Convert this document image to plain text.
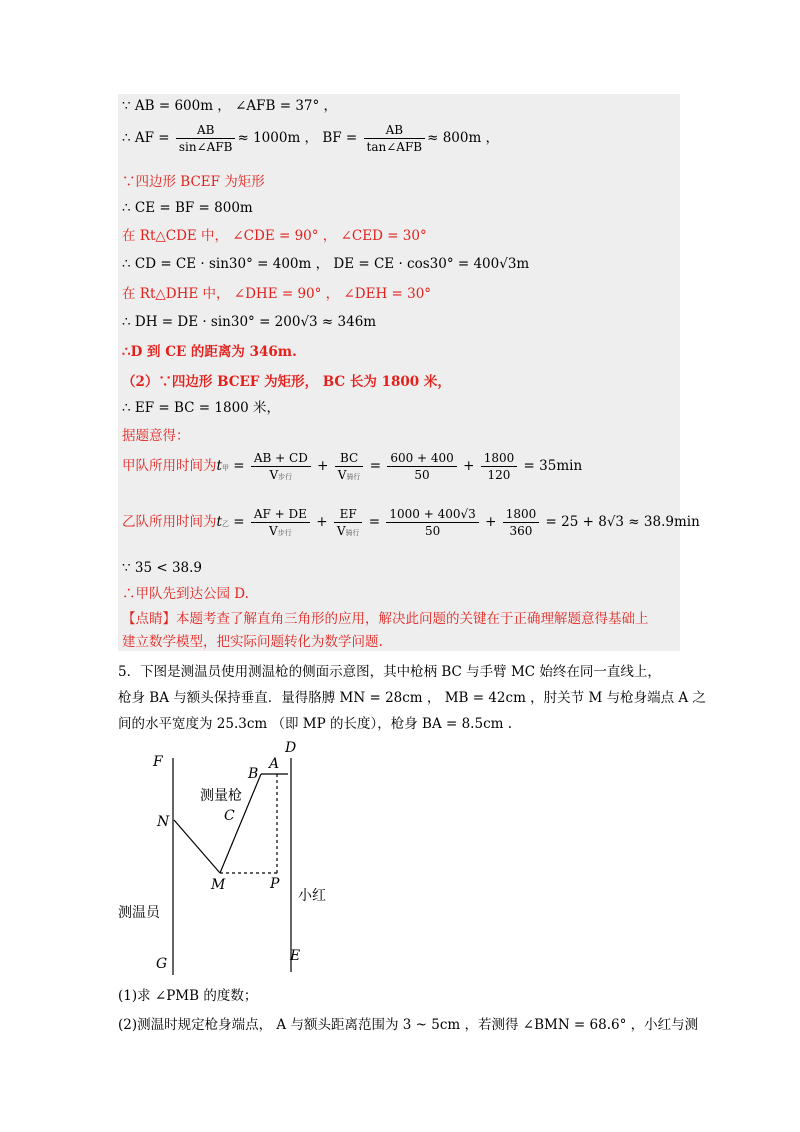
∵ AB = 600m ， ∠AFB = 37° ，
∴ AF = $\frac{AB}{\text{sin∠AFB}} \approx 1000m$ ， BF = $\frac{AB}{\text{tan∠AFB}} \approx 800m$ ，
∵四边形 BCEF 为矩形
∴ CE = BF = 800m
在 Rt△CDE 中， ∠CDE = 90° ， ∠CED = 30°
∴ CD = CE · sin30° = 400m ， DE = CE · cos30° = 400√3m
在 Rt△DHE 中， ∠DHE = 90° ， ∠DEH = 30°
∴ DH = DE · sin30° = 200√3 ≈ 346m
∴D 到 CE 的距离为 346m.
（2）∵四边形 BCEF 为矩形， BC 长为 1800 米，
∴ EF = BC = 1800 米，
据题意得：
甲队所用时间为t甲 = $\frac{AB + CD}{\text{V步行}} + \frac{BC}{\text{V骑行}} = \frac{600 + 400}{50} + \frac{1800}{120} = 35\min$
乙队所用时间为t乙 = $\frac{AF + DE}{\text{V步行}} + \frac{EF}{\text{V骑行}} = \frac{1000 + 400√3}{50} + \frac{1800}{360} = 25 + 8√3 \approx 38.9\min$
∵ 35 < 38.9
∴甲队先到达公园 D.
【点睛】本题考查了解直角三角形的应用，解决此问题的关键在于正确理解题意得基础上
建立数学模型，把实际问题转化为数学问题.
5．下图是测温员使用测温枪的侧面示意图，其中枪柄 BC 与手臂 MC 始终在同一直线上，
枪身 BA 与额头保持垂直．量得胳膊 MN = 28cm ， MB = 42cm ，肘关节 M 与枪身端点 A 之
间的水平宽度为 25.3cm （即 MP 的长度），枪身 BA = 8.5cm .
F
N
G
M
C
B
A
D
P
E
测量枪
测温员
小红
(1)求 ∠PMB 的度数；
(2)测温时规定枪身端点， A 与额头距离范围为 3 ~ 5cm ，若测得 ∠BMN = 68.6° ，小红与测
